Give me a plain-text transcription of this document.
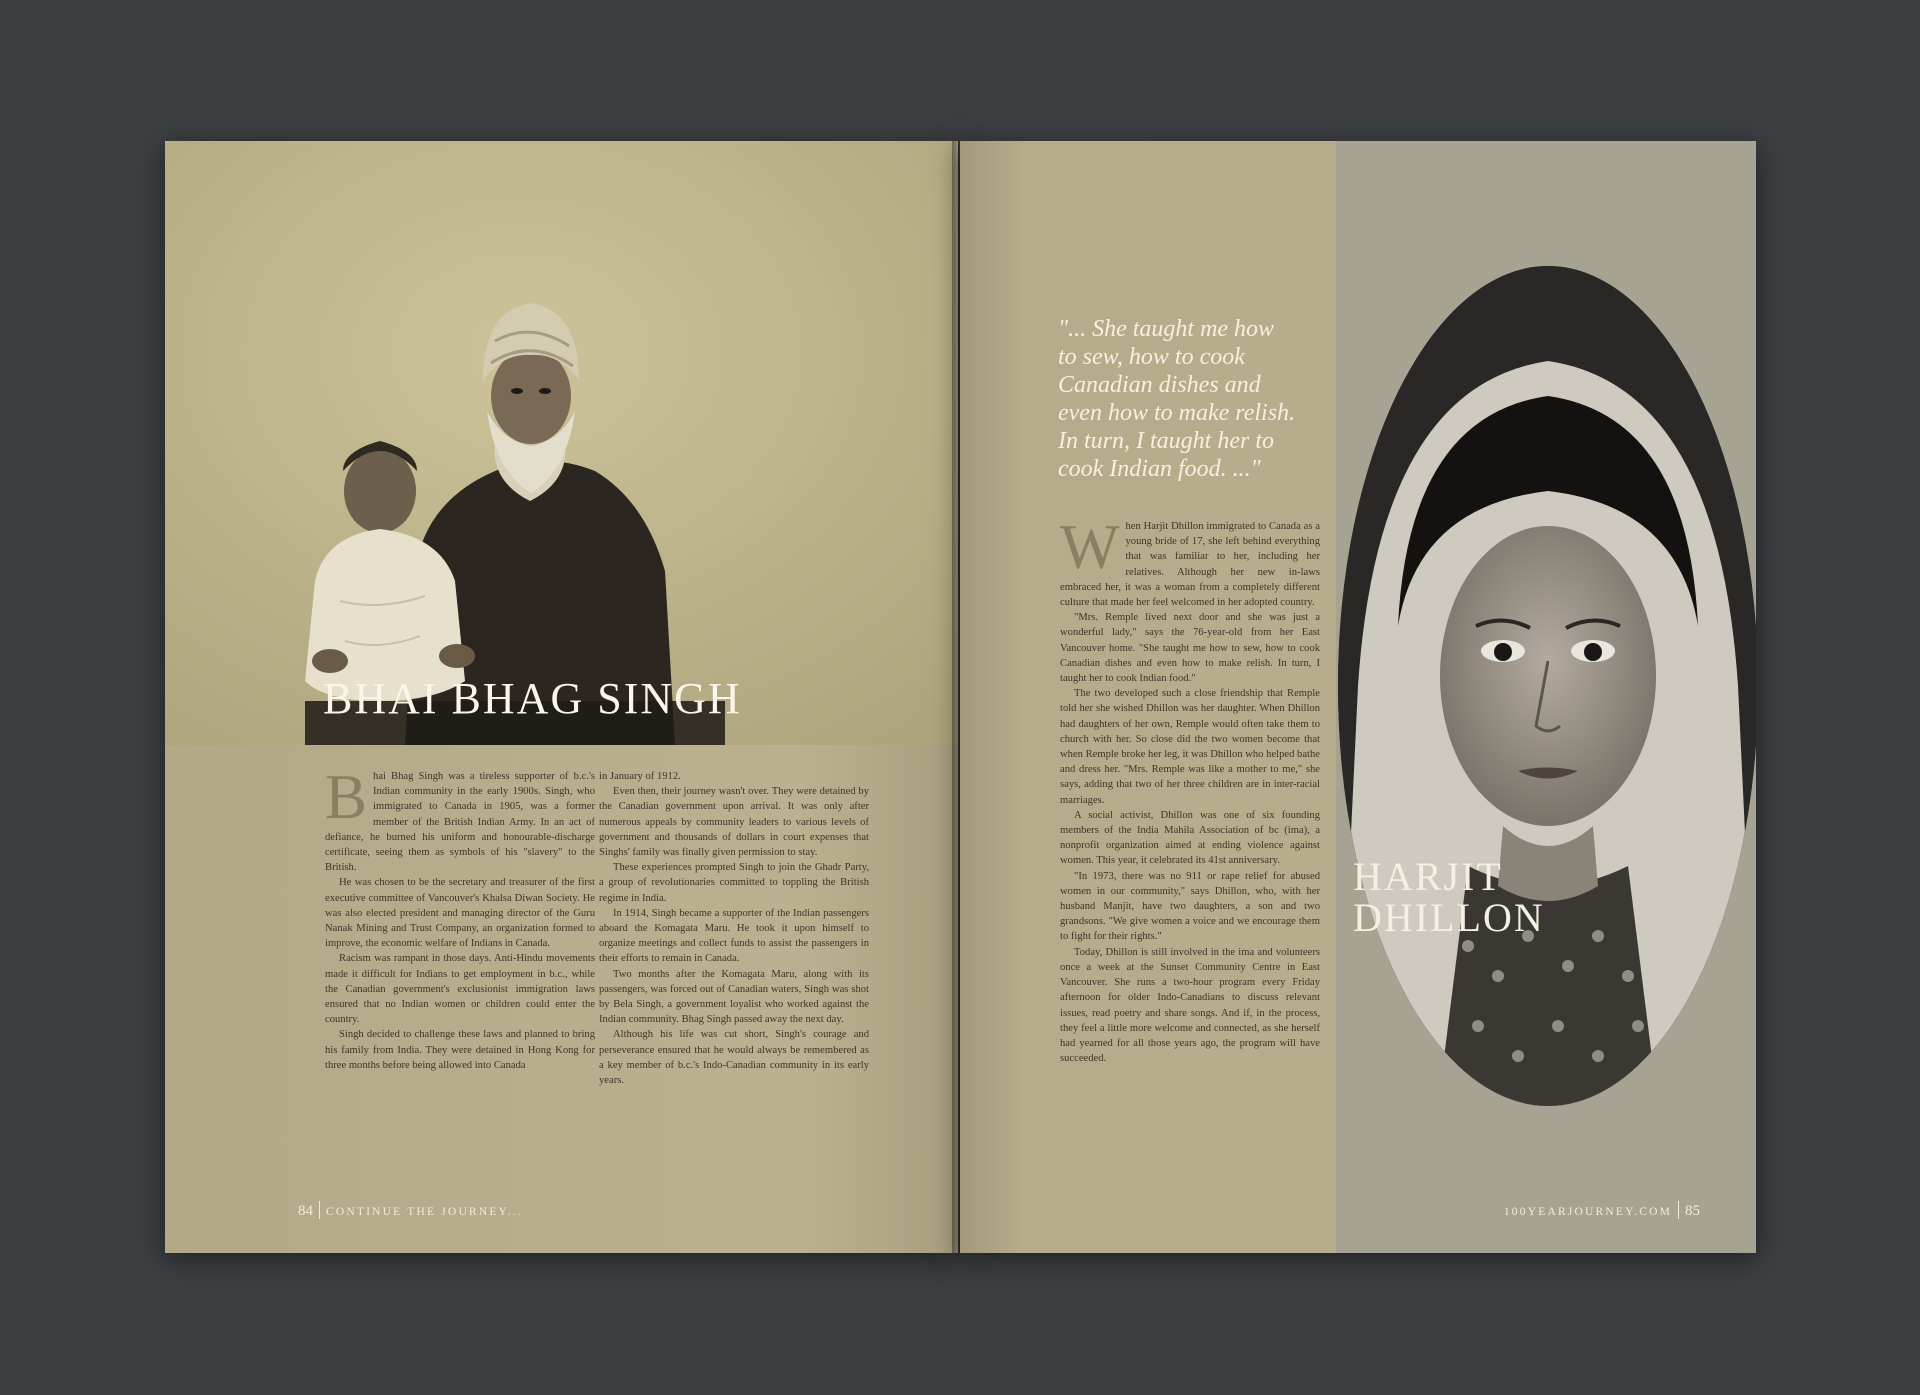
BHAI BHAG SINGH

Bhai Bhag Singh was a tireless supporter of b.c.'s Indian community in the early 1900s. Singh, who immigrated to Canada in 1905, was a former member of the British Indian Army. In an act of defiance, he burned his uniform and honourable-discharge certificate, seeing them as symbols of his "slavery" to the British.

He was chosen to be the secretary and treasurer of the first executive committee of Vancouver's Khalsa Diwan Society. He was also elected president and managing director of the Guru Nanak Mining and Trust Company, an organization formed to improve, the economic welfare of Indians in Canada.

Racism was rampant in those days. Anti-Hindu movements made it difficult for Indians to get employment in b.c., while the Canadian government's exclusionist immigration laws ensured that no Indian women or children could enter the country.

Singh decided to challenge these laws and planned to bring his family from India. They were detained in Hong Kong for three months before being allowed into Canada

in January of 1912.

Even then, their journey wasn't over. They were detained by the Canadian government upon arrival. It was only after numerous appeals by community leaders to various levels of government and thousands of dollars in court expenses that Singhs' family was finally given permission to stay.

These experiences prompted Singh to join the Ghadr Party, a group of revolutionaries committed to toppling the British regime in India.

In 1914, Singh became a supporter of the Indian passengers aboard the Komagata Maru. He took it upon himself to organize meetings and collect funds to assist the passengers in their efforts to remain in Canada.

Two months after the Komagata Maru, along with its passengers, was forced out of Canadian waters, Singh was shot by Bela Singh, a government loyalist who worked against the Indian community. Bhag Singh passed away the next day.

Although his life was cut short, Singh's courage and perseverance ensured that he would always be remembered as a key member of b.c.'s Indo-Canadian community in its early years.

84 CONTINUE THE JOURNEY...

"... She taught me how to sew, how to cook Canadian dishes and even how to make relish. In turn, I taught her to cook Indian food. ..."

When Harjit Dhillon immigrated to Canada as a young bride of 17, she left behind everything that was familiar to her, including her relatives. Although her new in-laws embraced her, it was a woman from a completely different culture that made her feel welcomed in her adopted country.

"Mrs. Remple lived next door and she was just a wonderful lady," says the 76-year-old from her East Vancouver home. "She taught me how to sew, how to cook Canadian dishes and even how to make relish. In turn, I taught her to cook Indian food."

The two developed such a close friendship that Remple told her she wished Dhillon was her daughter. When Dhillon had daughters of her own, Remple would often take them to church with her. So close did the two women become that when Remple broke her leg, it was Dhillon who helped bathe and dress her. "Mrs. Remple was like a mother to me," she says, adding that two of her three children are in inter-racial marriages.

A social activist, Dhillon was one of six founding members of the India Mahila Association of bc (ima), a nonprofit organization aimed at ending violence against women. This year, it celebrated its 41st anniversary.

"In 1973, there was no 911 or rape relief for abused women in our community," says Dhillon, who, with her husband Manjit, have two daughters, a son and two grandsons. "We give women a voice and we encourage them to fight for their rights."

Today, Dhillon is still involved in the ima and volunteers once a week at the Sunset Community Centre in East Vancouver. She runs a two-hour program every Friday afternoon for older Indo-Canadians to discuss relevant issues, read poetry and share songs. And if, in the process, they feel a little more welcome and connected, as she herself had yearned for all those years ago, the program will have succeeded.

HARJIT
DHILLON
100YEARJOURNEY.COM 85
